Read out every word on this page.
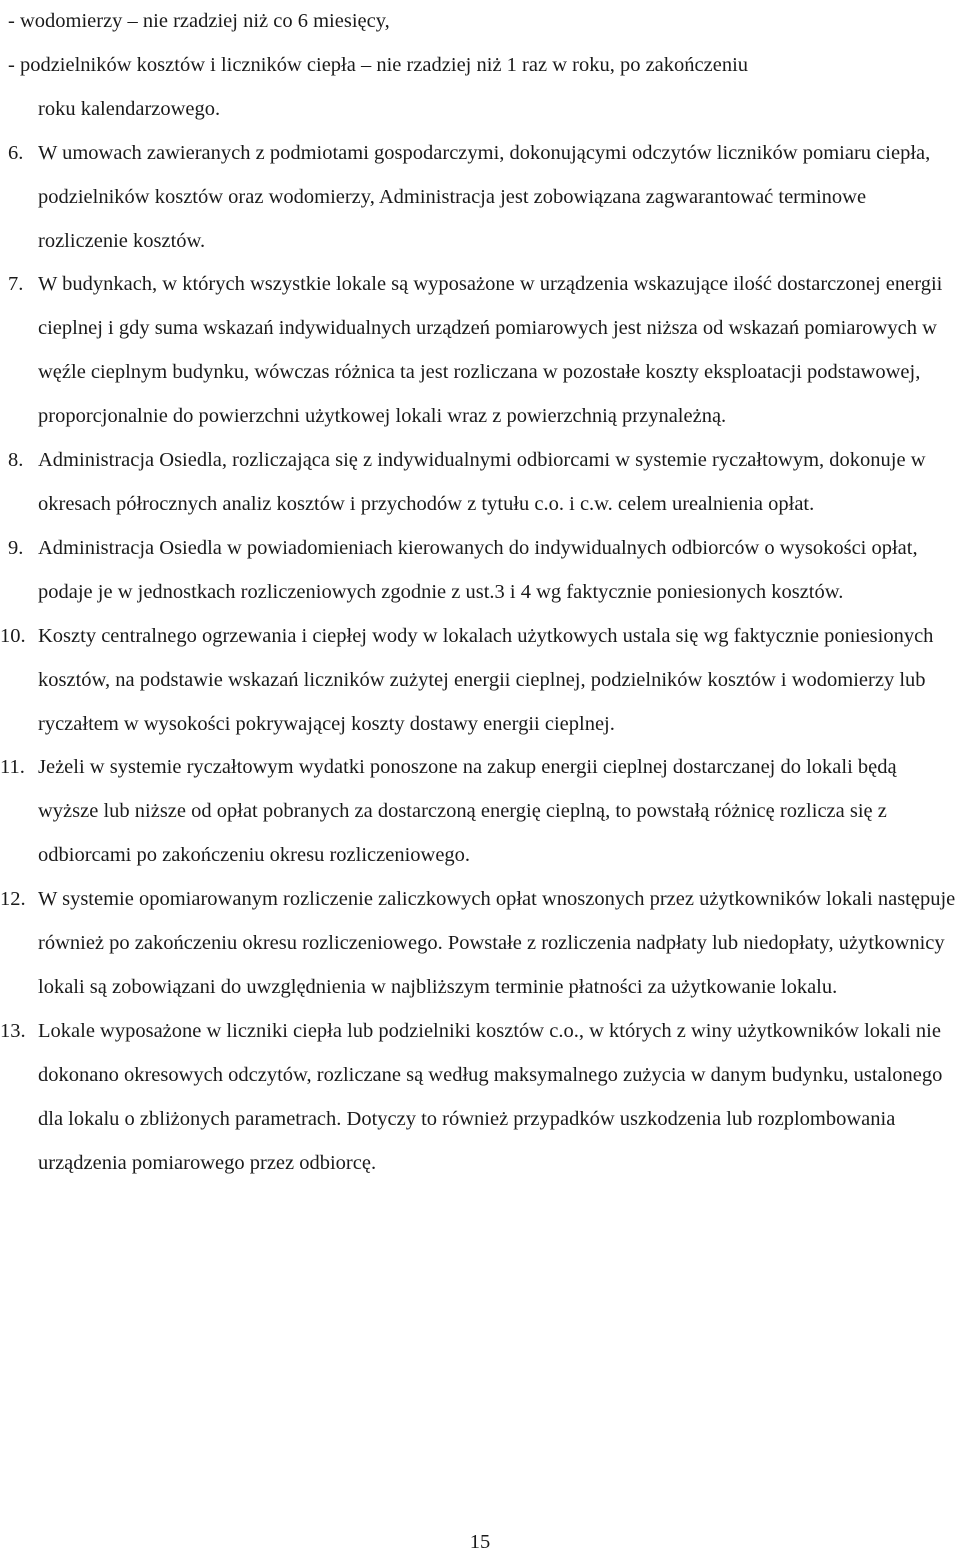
- wodomierzy – nie rzadziej niż co 6 miesięcy,
- podzielników kosztów i liczników ciepła – nie rzadziej niż 1 raz w roku, po zakończeniu
roku kalendarzowego.
6. W umowach zawieranych z podmiotami gospodarczymi, dokonującymi odczytów liczników pomiaru ciepła, podzielników kosztów oraz wodomierzy, Administracja jest zobowiązana zagwarantować terminowe rozliczenie kosztów.
7. W budynkach, w których wszystkie lokale są wyposażone w urządzenia wskazujące ilość dostarczonej energii cieplnej i gdy suma wskazań indywidualnych urządzeń pomiarowych jest niższa od wskazań pomiarowych w węźle cieplnym budynku, wówczas różnica ta jest rozliczana w pozostałe koszty eksploatacji podstawowej, proporcjonalnie do powierzchni użytkowej lokali wraz z powierzchnią przynależną.
8. Administracja Osiedla, rozliczająca się z indywidualnymi odbiorcami w systemie ryczałtowym, dokonuje w okresach półrocznych analiz kosztów i przychodów z tytułu c.o. i c.w. celem urealnienia opłat.
9. Administracja Osiedla w powiadomieniach kierowanych do indywidualnych odbiorców o wysokości opłat, podaje je w jednostkach rozliczeniowych zgodnie z ust.3 i 4 wg faktycznie poniesionych kosztów.
10. Koszty centralnego ogrzewania i ciepłej wody w lokalach użytkowych ustala się wg faktycznie poniesionych kosztów, na podstawie wskazań liczników zużytej energii cieplnej, podzielników kosztów i wodomierzy lub ryczałtem w wysokości pokrywającej koszty dostawy energii cieplnej.
11. Jeżeli w systemie ryczałtowym wydatki ponoszone na zakup energii cieplnej dostarczanej do lokali będą wyższe lub niższe od opłat pobranych za dostarczoną energię cieplną, to powstałą różnicę rozlicza się z odbiorcami po zakończeniu okresu rozliczeniowego.
12. W systemie opomiarowanym rozliczenie zaliczkowych opłat wnoszonych przez użytkowników lokali następuje również po zakończeniu okresu rozliczeniowego. Powstałe z rozliczenia nadpłaty lub niedopłaty, użytkownicy lokali są zobowiązani do uwzględnienia w najbliższym terminie płatności za użytkowanie lokalu.
13. Lokale wyposażone w liczniki ciepła lub podzielniki kosztów c.o., w których z winy użytkowników lokali nie dokonano okresowych odczytów, rozliczane są według maksymalnego zużycia w danym budynku, ustalonego dla lokalu o zbliżonych parametrach. Dotyczy to również przypadków uszkodzenia lub rozplombowania urządzenia pomiarowego przez odbiorcę.
15
